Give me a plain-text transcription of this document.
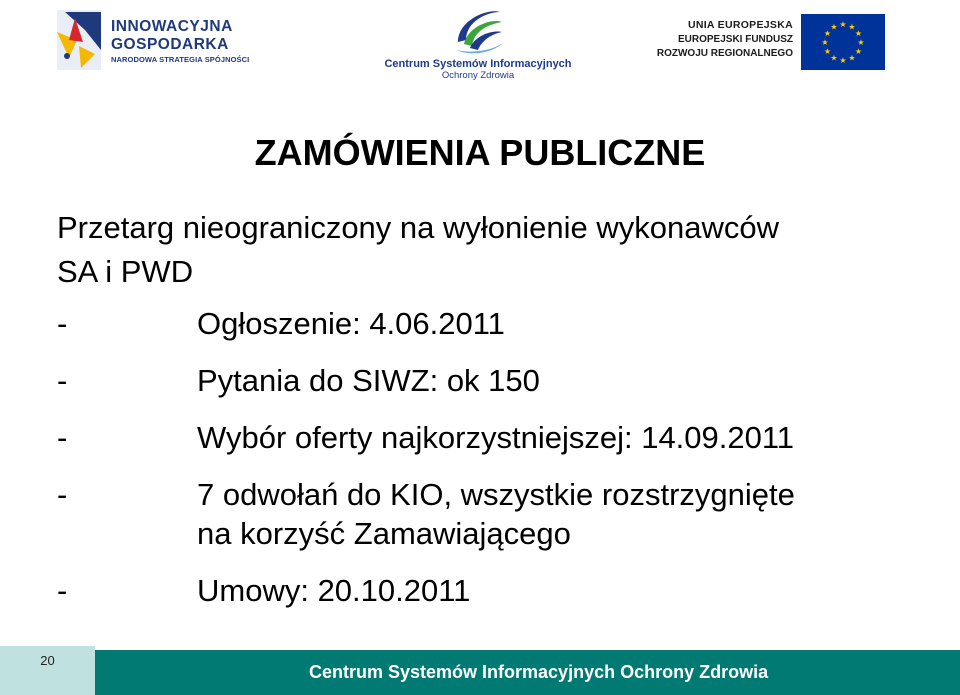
INNOWACYJNA
GOSPODARKA
NARODOWA STRATEGIA SPÓJNOŚCI	Centrum Systemów Informacyjnych
Ochrony Zdrowia
UNIA EUROPEJSKA
EUROPEJSKI FUNDUSZ
ROZWOJU REGIONALNEGO
★ ★
★
★
★
★
★
★
★
★
★
★
ZAMÓWIENIA PUBLICZNE
Przetarg nieograniczony na wyłonienie wykonawców
SA i PWD
-	Ogłoszenie: 4.06.2011
-	Pytania do SIWZ: ok 150
-	Wybór oferty najkorzystniejszej: 14.09.2011
-	7 odwołań do KIO, wszystkie rozstrzygnięte
na korzyść Zamawiającego
-	Umowy: 20.10.2011
20
Centrum Systemów Informacyjnych Ochrony Zdrowia
